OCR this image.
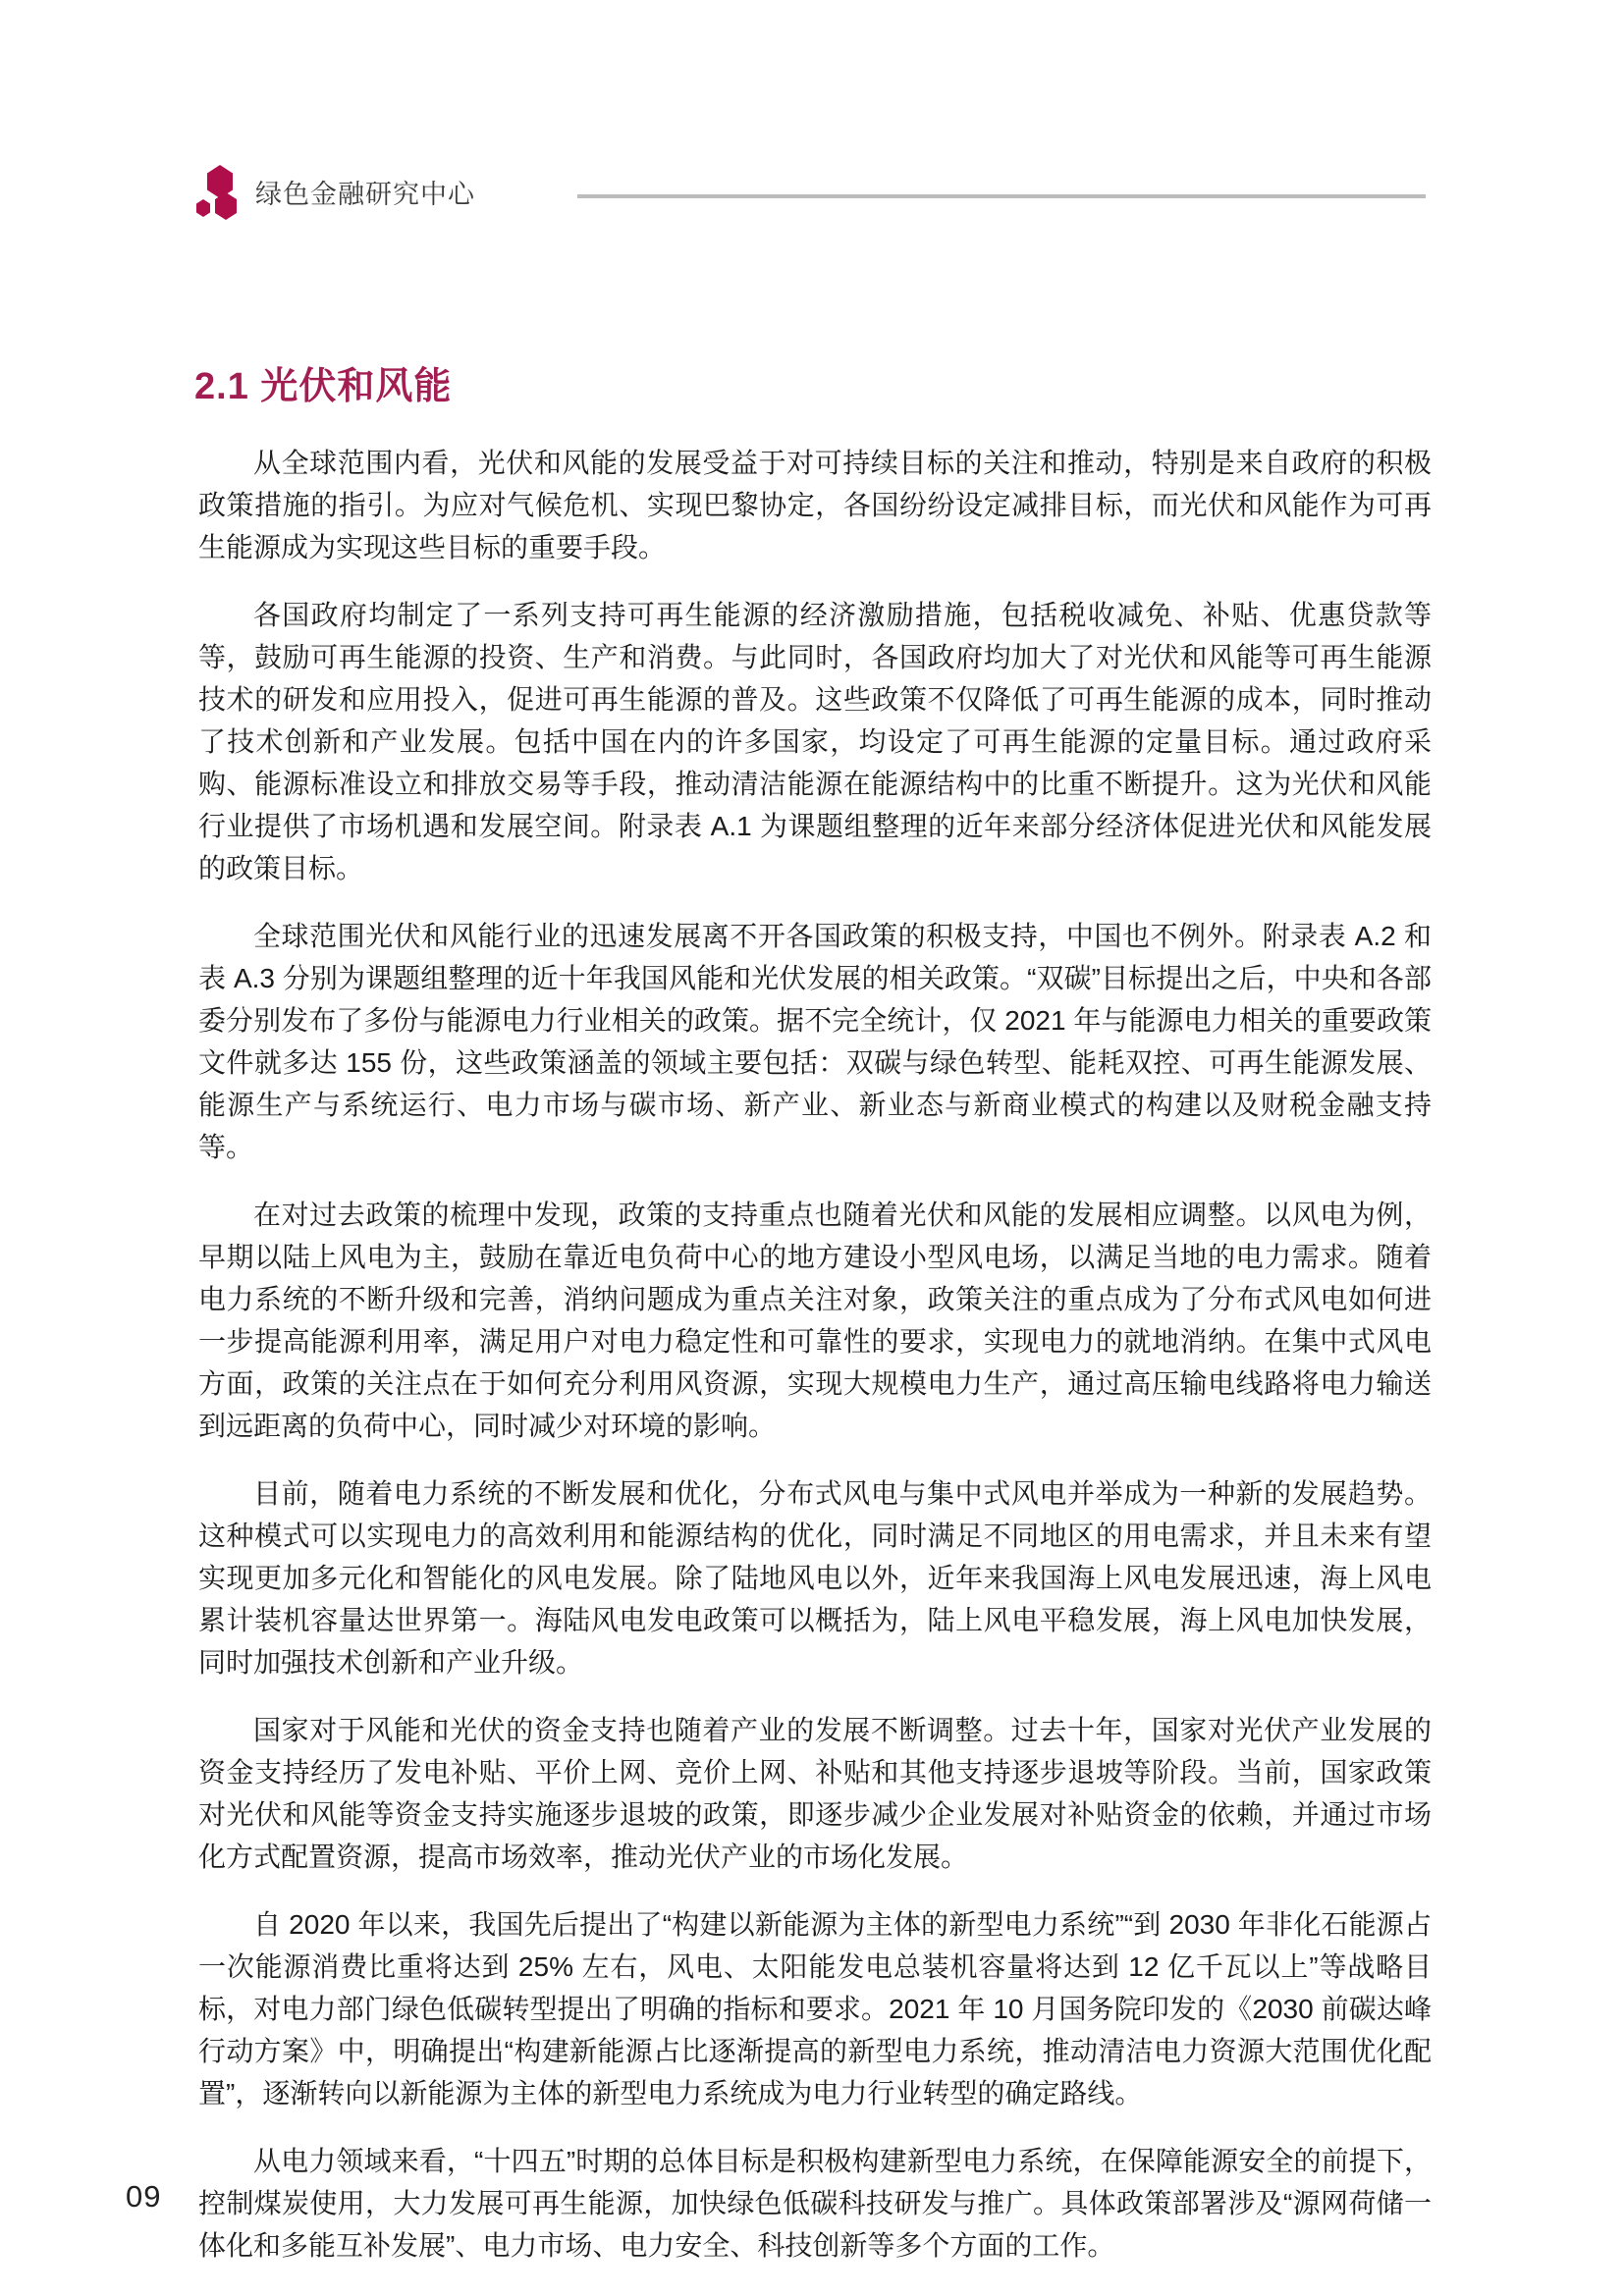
绿色金融研究中心
2.1 光伏和风能

从全球范围内看，光伏和风能的发展受益于对可持续目标的关注和推动，特别是来自政府的积极政策措施的指引。为应对气候危机、实现巴黎协定，各国纷纷设定减排目标，而光伏和风能作为可再生能源成为实现这些目标的重要手段。

各国政府均制定了一系列支持可再生能源的经济激励措施，包括税收减免、补贴、优惠贷款等等，鼓励可再生能源的投资、生产和消费。与此同时，各国政府均加大了对光伏和风能等可再生能源技术的研发和应用投入，促进可再生能源的普及。这些政策不仅降低了可再生能源的成本，同时推动了技术创新和产业发展。包括中国在内的许多国家，均设定了可再生能源的定量目标。通过政府采购、能源标准设立和排放交易等手段，推动清洁能源在能源结构中的比重不断提升。这为光伏和风能行业提供了市场机遇和发展空间。附录表 A.1 为课题组整理的近年来部分经济体促进光伏和风能发展的政策目标。

全球范围光伏和风能行业的迅速发展离不开各国政策的积极支持，中国也不例外。附录表 A.2 和表 A.3 分别为课题组整理的近十年我国风能和光伏发展的相关政策。“双碳”目标提出之后，中央和各部委分别发布了多份与能源电力行业相关的政策。据不完全统计，仅 2021 年与能源电力相关的重要政策文件就多达 155 份，这些政策涵盖的领域主要包括：双碳与绿色转型、能耗双控、可再生能源发展、能源生产与系统运行、电力市场与碳市场、新产业、新业态与新商业模式的构建以及财税金融支持等。

在对过去政策的梳理中发现，政策的支持重点也随着光伏和风能的发展相应调整。以风电为例，早期以陆上风电为主，鼓励在靠近电负荷中心的地方建设小型风电场，以满足当地的电力需求。随着电力系统的不断升级和完善，消纳问题成为重点关注对象，政策关注的重点成为了分布式风电如何进一步提高能源利用率，满足用户对电力稳定性和可靠性的要求，实现电力的就地消纳。在集中式风电方面，政策的关注点在于如何充分利用风资源，实现大规模电力生产，通过高压输电线路将电力输送到远距离的负荷中心，同时减少对环境的影响。

目前，随着电力系统的不断发展和优化，分布式风电与集中式风电并举成为一种新的发展趋势。这种模式可以实现电力的高效利用和能源结构的优化，同时满足不同地区的用电需求，并且未来有望实现更加多元化和智能化的风电发展。除了陆地风电以外，近年来我国海上风电发展迅速，海上风电累计装机容量达世界第一。海陆风电发电政策可以概括为，陆上风电平稳发展，海上风电加快发展，同时加强技术创新和产业升级。

国家对于风能和光伏的资金支持也随着产业的发展不断调整。过去十年，国家对光伏产业发展的资金支持经历了发电补贴、平价上网、竞价上网、补贴和其他支持逐步退坡等阶段。当前，国家政策对光伏和风能等资金支持实施逐步退坡的政策，即逐步减少企业发展对补贴资金的依赖，并通过市场化方式配置资源，提高市场效率，推动光伏产业的市场化发展。

自 2020 年以来，我国先后提出了“构建以新能源为主体的新型电力系统”“到 2030 年非化石能源占一次能源消费比重将达到 25% 左右，风电、太阳能发电总装机容量将达到 12 亿千瓦以上”等战略目标，对电力部门绿色低碳转型提出了明确的指标和要求。2021 年 10 月国务院印发的《2030 前碳达峰行动方案》中，明确提出“构建新能源占比逐渐提高的新型电力系统，推动清洁电力资源大范围优化配置”，逐渐转向以新能源为主体的新型电力系统成为电力行业转型的确定路线。

从电力领域来看，“十四五”时期的总体目标是积极构建新型电力系统，在保障能源安全的前提下，控制煤炭使用，大力发展可再生能源，加快绿色低碳科技研发与推广。具体政策部署涉及“源网荷储一体化和多能互补发展”、电力市场、电力安全、科技创新等多个方面的工作。

09
